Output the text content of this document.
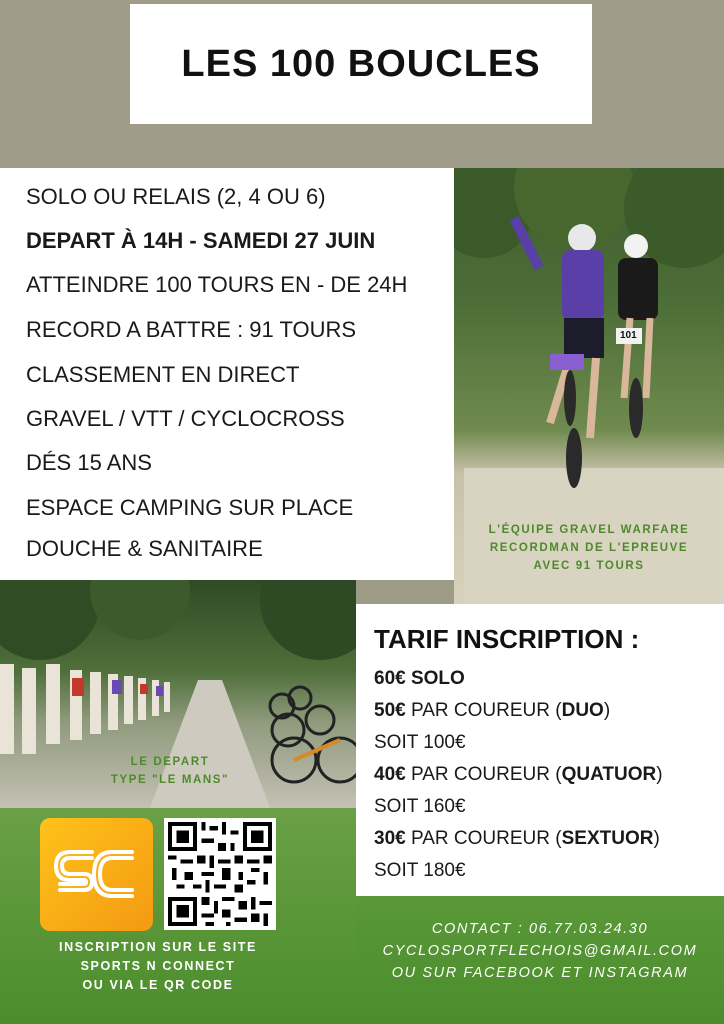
LES 100 BOUCLES
SOLO OU RELAIS (2, 4 OU 6)
DEPART À 14H - SAMEDI 27 JUIN
ATTEINDRE 100 TOURS EN - DE 24H
RECORD A BATTRE : 91 TOURS
CLASSEMENT EN DIRECT
GRAVEL / VTT / CYCLOCROSS
DÉS 15 ANS
ESPACE CAMPING SUR PLACE
DOUCHE & SANITAIRE
101
L'ÉQUIPE GRAVEL WARFARE
RECORDMAN DE L'EPREUVE
AVEC 91 TOURS
LE DEPART
TYPE "LE MANS"
TARIF INSCRIPTION :
60€ SOLO
50€ PAR COUREUR (DUO)
SOIT 100€
40€ PAR COUREUR (QUATUOR)
SOIT 160€
30€ PAR COUREUR (SEXTUOR)
SOIT 180€
INSCRIPTION SUR LE SITE
SPORTS N CONNECT
OU VIA LE QR CODE
CONTACT : 06.77.03.24.30
CYCLOSPORTFLECHOIS@GMAIL.COM
OU SUR FACEBOOK ET INSTAGRAM
